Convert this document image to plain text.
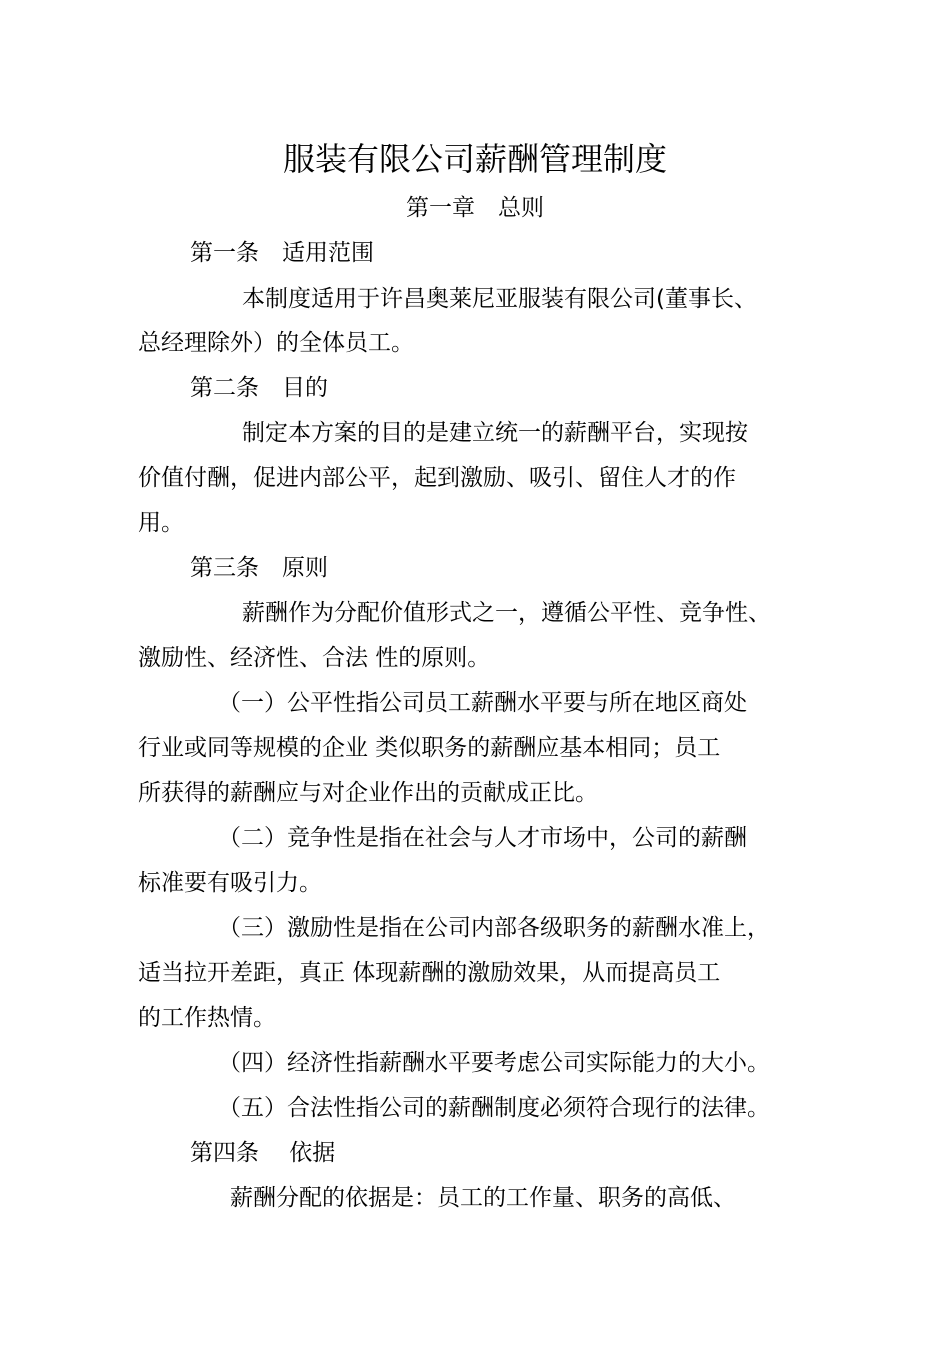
服装有限公司薪酬管理制度
第一章　总则
第一条　适用范围
本制度适用于许昌奥莱尼亚服装有限公司(董事长、
总经理除外）的全体员工。
第二条　目的
制定本方案的目的是建立统一的薪酬平台，实现按
价值付酬，促进内部公平，起到激励、吸引、留住人才的作
用。
第三条　原则
薪酬作为分配价值形式之一，遵循公平性、竞争性、
激励性、经济性、合法 性的原则。
（一）公平性指公司员工薪酬水平要与所在地区商处
行业或同等规模的企业 类似职务的薪酬应基本相同；员工
所获得的薪酬应与对企业作出的贡献成正比。
（二）竞争性是指在社会与人才市场中，公司的薪酬
标准要有吸引力。
（三）激励性是指在公司内部各级职务的薪酬水准上，
适当拉开差距，真正 体现薪酬的激励效果，从而提高员工
的工作热情。
（四）经济性指薪酬水平要考虑公司实际能力的大小。
（五）合法性指公司的薪酬制度必须符合现行的法律。
第四条　 依据
薪酬分配的依据是：员工的工作量、职务的高低、
